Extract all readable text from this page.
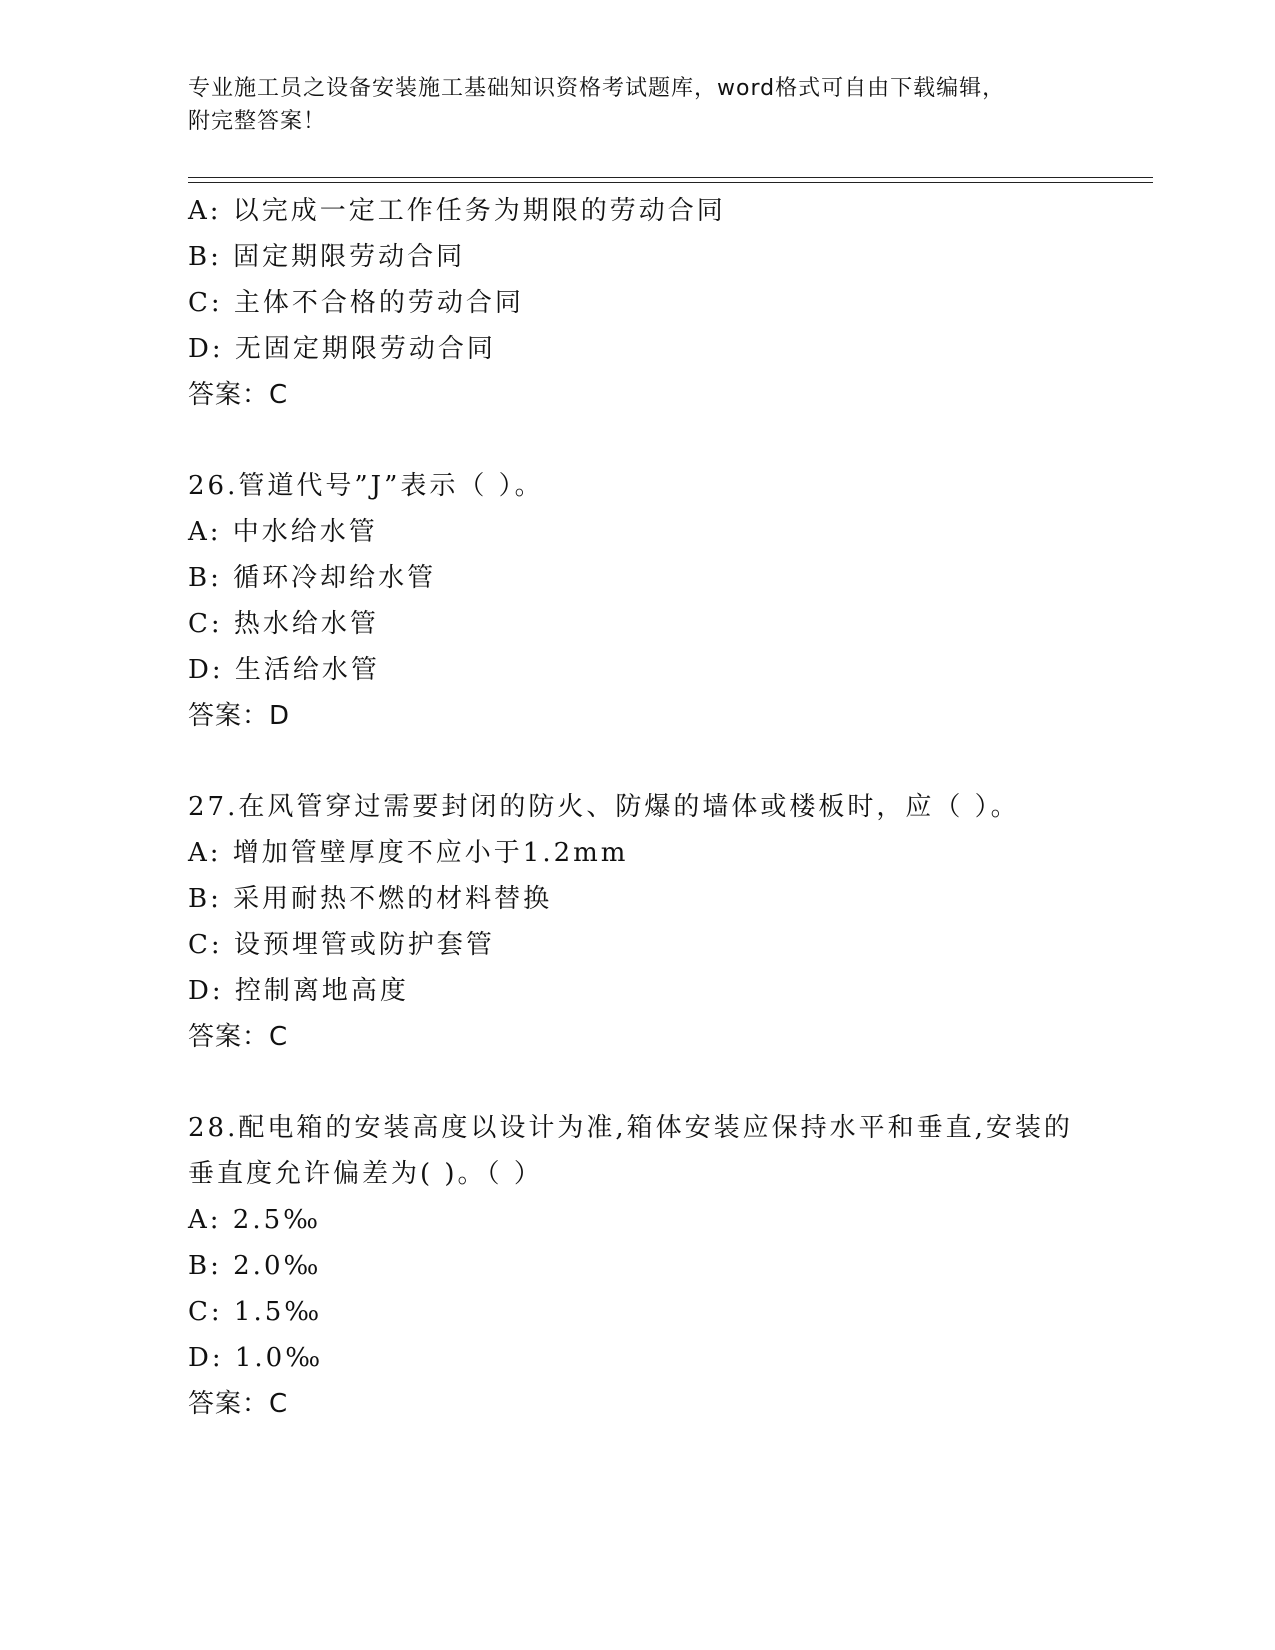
专业施工员之设备安装施工基础知识资格考试题库，word格式可自由下载编辑，
附完整答案！
A: 以完成一定工作任务为期限的劳动合同
B: 固定期限劳动合同
C: 主体不合格的劳动合同
D: 无固定期限劳动合同
答案：C
26.管道代号”J”表示（ ）。
A: 中水给水管
B: 循环冷却给水管
C: 热水给水管
D: 生活给水管
答案：D
27.在风管穿过需要封闭的防火、防爆的墙体或楼板时，应（ ）。
A: 增加管壁厚度不应小于1.2mm
B: 采用耐热不燃的材料替换
C: 设预埋管或防护套管
D: 控制离地高度
答案：C
28.配电箱的安装高度以设计为准,箱体安装应保持水平和垂直,安装的
垂直度允许偏差为( )。（ ）
A: 2.5‰
B: 2.0‰
C: 1.5‰
D: 1.0‰
答案：C
